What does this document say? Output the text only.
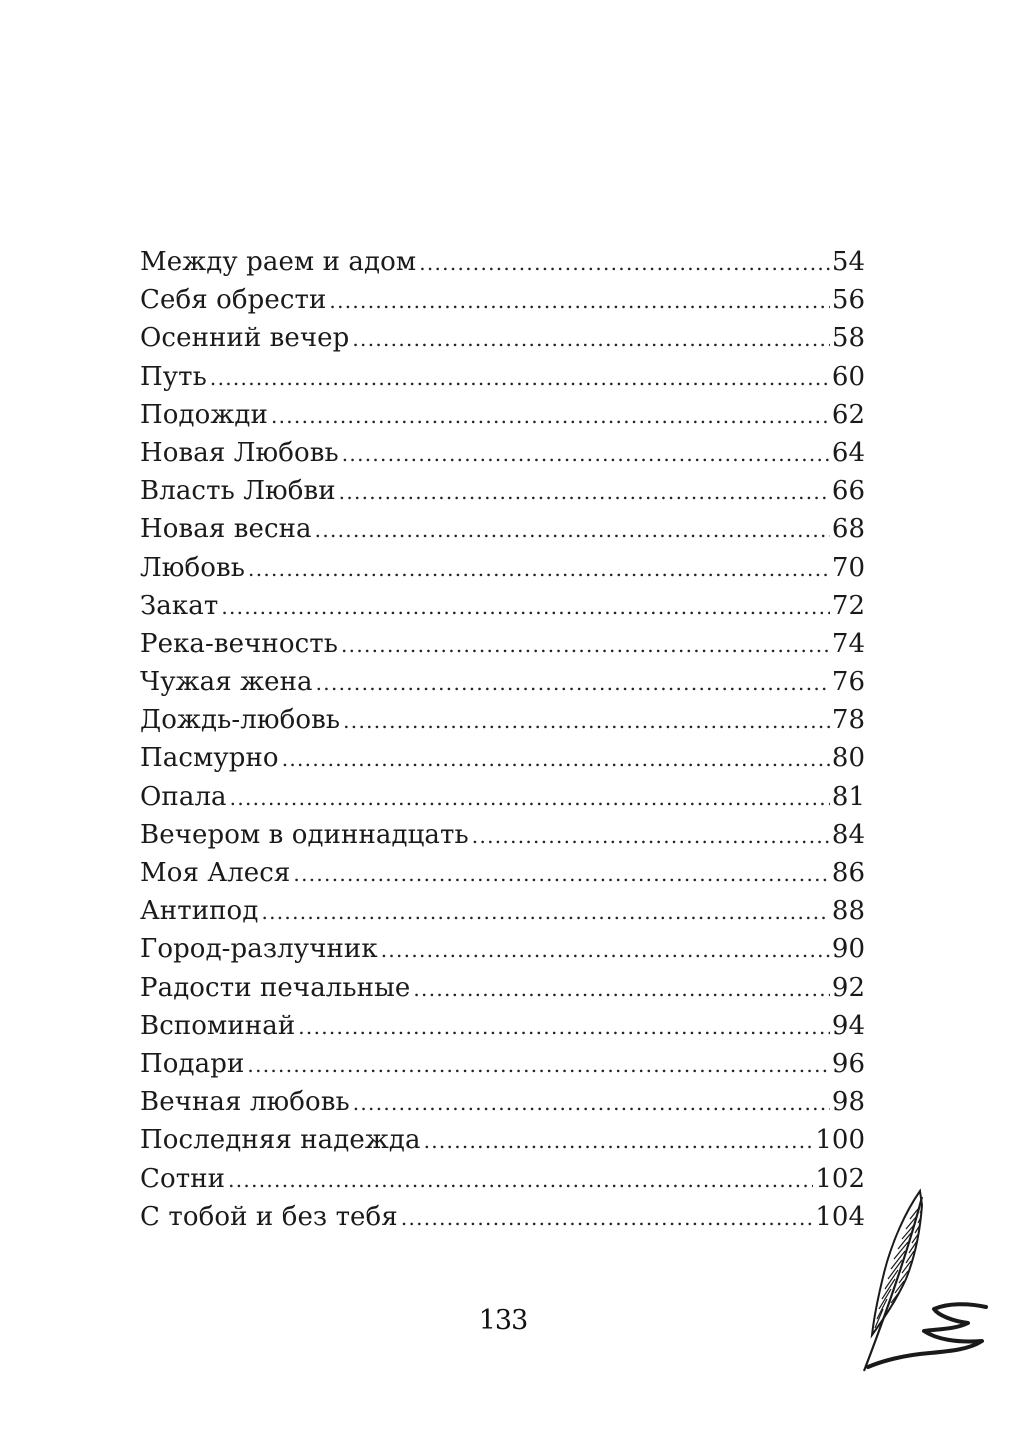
Между раем и адом .....	54
Себя обрести .....	56
Осенний вечер .....	58
Путь .....	60
Подожди .....	62
Новая Любовь .....	64
Власть Любви .....	66
Новая весна .....	68
Любовь .....	70
Закат .....	72
Река-вечность .....	74
Чужая жена .....	76
Дождь-любовь .....	78
Пасмурно .....	80
Опала .....	81
Вечером в одиннадцать .....	84
Моя Алеся .....	86
Антипод .....	88
Город-разлучник .....	90
Радости печальные .....	92
Вспоминай .....	94
Подари .....	96
Вечная любовь .....	98
Последняя надежда .....	100
Сотни .....	102
С тобой и без тебя .....	104
133
